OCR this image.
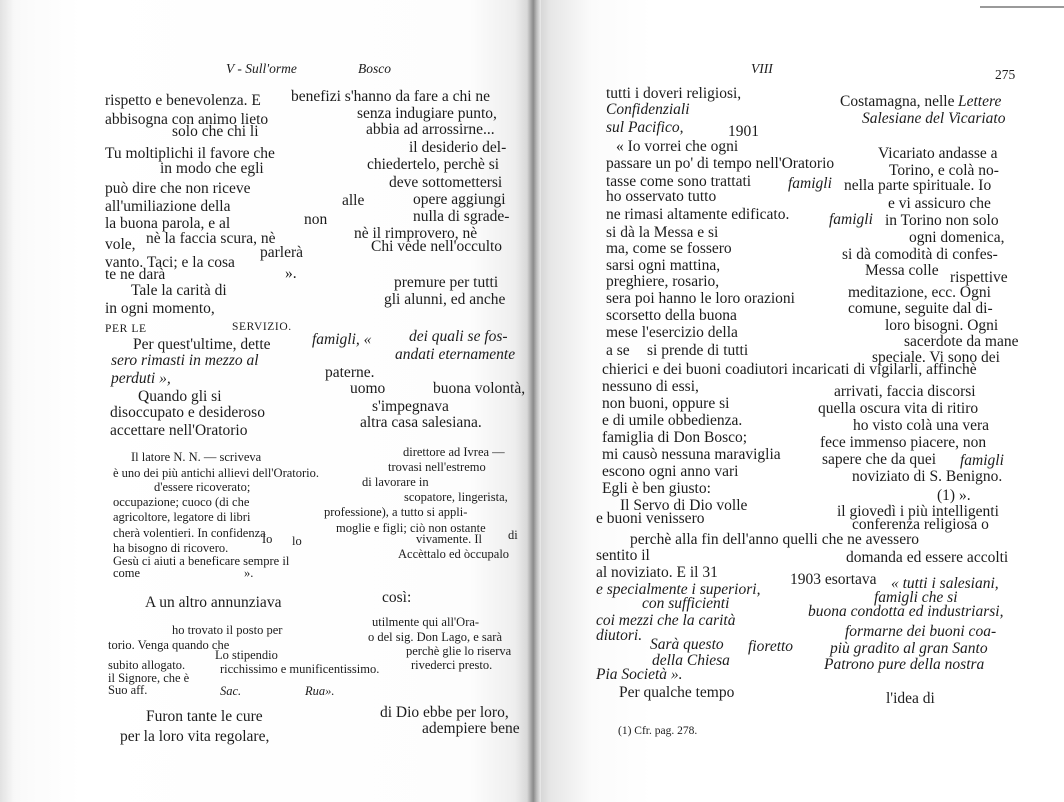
V - Sull'orme	Bosco
rispetto e benevolenza. E benefizi s'hanno da fare a chi ne
abbisogna con animo lieto	senza indugiare punto,
solo che chi li	abbia ad arrossirne...
Tu moltiplichi il favore che	il desiderio del-
in modo che egli	chiedertelo, perchè si
può dire che non riceve	deve sottomettersi
all'umiliazione della	alle	opere aggiungi
la buona parola, e al	non	nulla di sgrade-
nè il rimprovero, nè
vole, nè la faccia scura, nè	Chi vede nell'occulto
parlerà
vanto. Taci; e la cosa
te ne darà	».
premure per tutti
Tale la carità di
gli alunni, ed anche
in ogni momento,
PER LE	SERVIZIO.
Per quest'ultime, dette	famigli, « dei quali se fos-
sero rimasti in mezzo al	andati eternamente
perduti »,	paterne.
Quando gli si	uomo	buona volontà,
s'impegnava
disoccupato e desideroso
accettare nell'Oratorio	altra casa salesiana.
Il latore N. N. — scriveva	direttore ad Ivrea —
è uno dei più antichi allievi dell'Oratorio.	trovasi nell'estremo
d'essere ricoverato;	di lavorare in
occupazione; cuoco (di che	scopatore, lingerista,
agricoltore, legatore di libri	professione), a tutto si appli-
cherà volentieri. In confidenza	moglie e figli; ciò non ostante
lo
Io	vivamente. Il di
ha bisogno di ricovero.
Gesù ci aiuti a beneficare sempre il	Accèttalo ed òccupalo
come	».
A un altro annunziava	così:
utilmente qui all'Ora-
ho trovato il posto per	o del sig. Don Lago, e sarà
torio. Venga quando che	perchè glie lo riserva
Lo stipendio
subito allogato.	rivederci presto.
ricchissimo e munificentissimo.
il Signore, che è
Suo aff.	Sac.	Rua».
Furon tante le cure	di Dio ebbe per loro,
per la loro vita regolare,	adempiere bene
VIII	275
tutti i doveri religiosi,	Costamagna, nelle Lettere
Confidenziali
Salesiane del Vicariato
sul Pacifico,	1901
« Io vorrei che ogni	Vicariato andasse a
passare un po' di tempo nell'Oratorio	Torino, e colà no-
tasse come sono trattati famigli nella parte spirituale. Io
ho osservato tutto	e vi assicuro che
ne rimasi altamente edificato.	famigli in Torino non solo
si dà la Messa e si	ogni domenica,
ma, come se fossero	si dà comodità di confes-
sarsi ogni mattina,	Messa colle rispettive
preghiere, rosario,
meditazione, ecc. Ogni
sera poi hanno le loro orazioni
comune, seguite dal di-
scorsetto della buona
loro bisogni. Ogni
mese l'esercizio della
sacerdote da mane
a se si prende di tutti	speciale. Vi sono dei
chierici e dei buoni coadiutori incaricati di vigilarli, affinchè
nessuno di essi,	arrivati, faccia discorsi
non buoni, oppure si	quella oscura vita di ritiro
e di umile obbedienza.	ho visto colà una vera
famiglia di Don Bosco;	fece immenso piacere, non
mi causò nessuna maraviglia	sapere che da quei famigli
escono ogni anno vari	noviziato di S. Benigno.
Egli è ben giusto:	(1) ».
Il Servo di Dio volle	il giovedì i più intelligenti
e buoni venissero	conferenza religiosa o
perchè alla fin dell'anno quelli che ne avessero
sentito il	domanda ed essere accolti
al noviziato. E il 31	1903 esortava « tutti i salesiani,
e specialmente i superiori,	famigli che si
con sufficienti	buona condotta ed industriarsi,
coi mezzi che la carità
formarne dei buoni coa-
diutori.
Sarà questo fioretto più gradito al gran Santo
della Chiesa	Patrono pure della nostra
Pia Società ».
Per qualche tempo	l'idea di
(1) Cfr. pag. 278.
